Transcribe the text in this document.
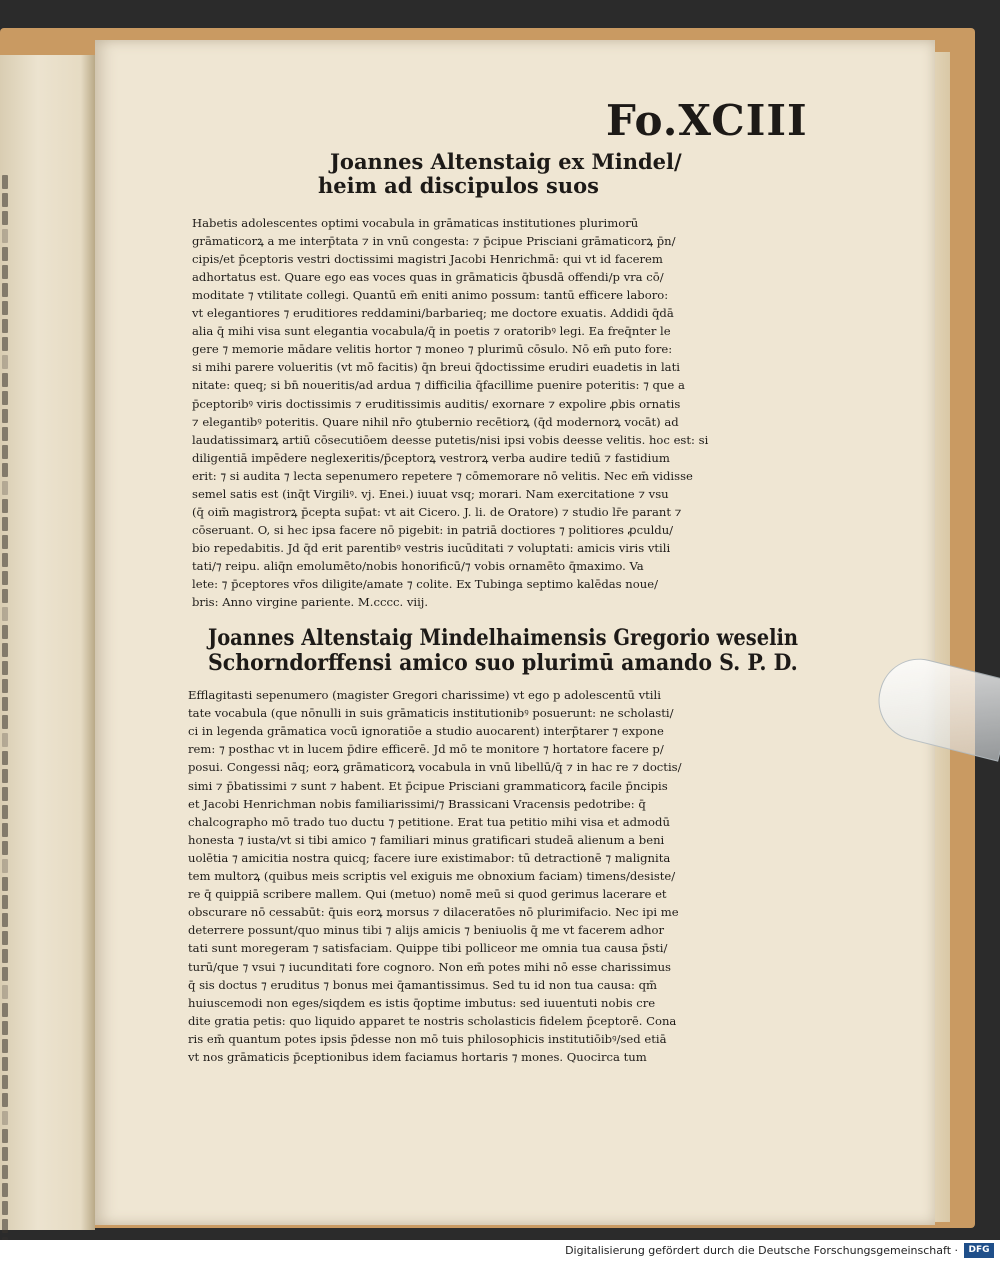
Fo.XCIII
Joannes Altenstaig ex Mindel/
heim ad discipulos suos
Habetis adolescentes optimi vocabula in grāmaticas institutiones plurimorū
grāmaticorꝝ a me interp̄tata ⁊ in vnū congesta: ⁊ p̄cipue Prisciani grāmaticorꝝ p̄n/
cipis/et p̄ceptoris vestri doctissimi magistri Jacobi Henrichmā: qui vt id facerem
adhortatus est. Quare ego eas voces quas in grāmaticis q̄busdā offendi/p vra cō/
moditate ⁊ vtilitate collegi. Quantū em̄ eniti animo possum: tantū efficere laboro:
vt elegantiores ⁊ eruditiores reddamini/barbarieq; me doctore exuatis. Addidi q̄dā
alia q̄ mihi visa sunt elegantia vocabula/q̄ in poetis ⁊ oratoribꝰ legi. Ea freq̄nter le
gere ⁊ memorie mādare velitis hortor ⁊ moneo ⁊ plurimū cōsulo. Nō em̄ puto fore:
si mihi parere volueritis (vt mō facitis) q̄n breui q̄doctissime erudiri euadetis in lati
nitate: queq; si bn̄ noueritis/ad ardua ⁊ difficilia q̄facillime puenire poteritis: ⁊ que a
p̄ceptoribꝰ viris doctissimis ⁊ eruditissimis auditis/ exornare ⁊ expolire ꝓbis ornatis
⁊ elegantibꝰ poteritis. Quare nihil nr̄o ꝯtubernio recētiorꝝ (q̄d modernorꝝ vocāt) ad
laudatissimarꝝ artiū cōsecutiōem deesse putetis/nisi ipsi vobis deesse velitis. hoc est: si
diligentiā impēdere neglexeritis/p̄ceptorꝝ vestrorꝝ verba audire tediū ⁊ fastidium
erit: ⁊ si audita ⁊ lecta sepenumero repetere ⁊ cōmemorare nō velitis. Nec em̄ vidisse
semel satis est (inq̄t Virgiliꝰ. vj. Enei.) iuuat vsq; morari. Nam exercitatione ⁊ vsu
(q̄ oim̄ magistrorꝝ p̄cepta sup̄at: vt ait Cicero. J. li. de Oratore) ⁊ studio lr̄e parant ⁊
cōseruant. O, si hec ipsa facere nō pigebit: in patriā doctiores ⁊ politiores ꝓculdu/
bio repedabitis. Jd q̄d erit parentibꝰ vestris iucūditati ⁊ voluptati: amicis viris vtili
tati/⁊ reipu. aliq̄n emolumēto/nobis honorificū/⁊ vobis ornamēto q̄maximo. Va
lete: ⁊ p̄ceptores vr̄os diligite/amate ⁊ colite. Ex Tubinga septimo kalēdas noue/
bris: Anno virgine pariente. M.cccc. viij.
Joannes Altenstaig Mindelhaimensis Gregorio weselin
Schorndorffensi amico suo plurimū amando S. P. D.
Efflagitasti sepenumero (magister Gregori charissime) vt ego p adolescentū vtili
tate vocabula (que nōnulli in suis grāmaticis institutionibꝰ posuerunt: ne scholasti/
ci in legenda grāmatica vocū ignoratiōe a studio auocarent) interp̄tarer ⁊ expone
rem: ⁊ posthac vt in lucem p̄dire efficerē. Jd mō te monitore ⁊ hortatore facere p/
posui. Congessi nāq; eorꝝ grāmaticorꝝ vocabula in vnū libellū/q̄ ⁊ in hac re ⁊ doctis/
simi ⁊ p̄batissimi ⁊ sunt ⁊ habent. Et p̄cipue Prisciani grammaticorꝝ facile p̄ncipis
et Jacobi Henrichman nobis familiarissimi/⁊ Brassicani Vracensis pedotribe: q̄
chalcographo mō trado tuo ductu ⁊ petitione. Erat tua petitio mihi visa et admodū
honesta ⁊ iusta/vt si tibi amico ⁊ familiari minus gratificari studeā alienum a beni
uolētia ⁊ amicitia nostra quicq; facere iure existimabor: tū detractionē ⁊ malignita
tem multorꝝ (quibus meis scriptis vel exiguis me obnoxium faciam) timens/desiste/
re q̄ quippiā scribere mallem. Qui (metuo) nomē meū si quod gerimus lacerare et
obscurare nō cessabūt: q̄uis eorꝝ morsus ⁊ dilaceratōes nō plurimifacio. Nec ipi me
deterrere possunt/quo minus tibi ⁊ alijs amicis ⁊ beniuolis q̄ me vt facerem adhor
tati sunt moregeram ⁊ satisfaciam. Quippe tibi polliceor me omnia tua causa p̄sti/
turū/que ⁊ vsui ⁊ iucunditati fore cognoro. Non em̄ potes mihi nō esse charissimus
q̄ sis doctus ⁊ eruditus ⁊ bonus mei q̄amantissimus. Sed tu id non tua causa: qm̄
huiuscemodi non eges/siqdem es istis q̄optime imbutus: sed iuuentuti nobis cre
dite gratia petis: quo liquido apparet te nostris scholasticis fidelem p̄ceptorē. Cona
ris em̄ quantum potes ipsis p̄desse non mō tuis philosophicis institutiōibꝰ/sed etiā
vt nos grāmaticis p̄ceptionibus idem faciamus hortaris ⁊ mones. Quocirca tum
Digitalisierung gefördert durch die Deutsche Forschungsgemeinschaft ·	DFG
